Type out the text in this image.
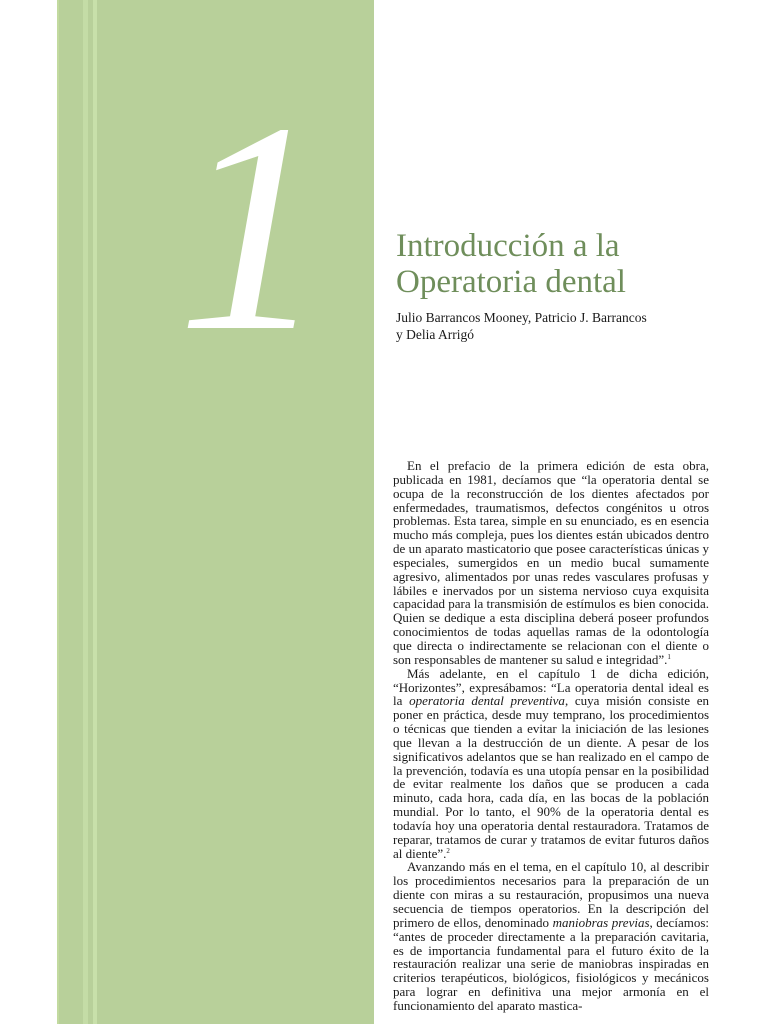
1 Introducción a la
Operatoria dental
Julio Barrancos Mooney, Patricio J. Barrancos
y Delia Arrigó

En el prefacio de la primera edición de esta obra, publicada en 1981, decíamos que “la operatoria dental se ocupa de la reconstrucción de los dientes afectados por enfermedades, traumatismos, defectos congénitos u otros problemas. Esta tarea, simple en su enunciado, es en esencia mucho más compleja, pues los dientes están ubicados dentro de un aparato masticatorio que posee características únicas y especiales, sumergidos en un medio bucal sumamente agresivo, alimentados por unas redes vasculares profusas y lábiles e inervados por un sistema nervioso cuya exquisita capacidad para la transmisión de estímulos es bien conocida. Quien se dedique a esta disciplina deberá poseer profundos conocimientos de todas aquellas ramas de la odontología que directa o indirectamente se relacionan con el diente o son responsables de mantener su salud e integridad”.$^1$

Más adelante, en el capítulo 1 de dicha edición, “Horizontes”, expresábamos: “La operatoria dental ideal es la operatoria dental preventiva, cuya misión consiste en poner en práctica, desde muy temprano, los procedimientos o técnicas que tienden a evitar la iniciación de las lesiones que llevan a la destrucción de un diente. A pesar de los significativos adelantos que se han realizado en el campo de la prevención, todavía es una utopía pensar en la posibilidad de evitar realmente los daños que se producen a cada minuto, cada hora, cada día, en las bocas de la población mundial. Por lo tanto, el 90% de la operatoria dental es todavía hoy una operatoria dental restauradora. Tratamos de reparar, tratamos de curar y tratamos de evitar futuros daños al diente”.$^2$

Avanzando más en el tema, en el capítulo 10, al describir los procedimientos necesarios para la preparación de un diente con miras a su restauración, propusimos una nueva secuencia de tiempos operatorios. En la descripción del primero de ellos, denominado maniobras previas, decíamos: “antes de proceder directamente a la preparación cavitaria, es de importancia fundamental para el futuro éxito de la restauración realizar una serie de maniobras inspiradas en criterios terapéuticos, biológicos, fisiológicos y mecánicos para lograr en definitiva una mejor armonía en el funcionamiento del aparato mastica-
